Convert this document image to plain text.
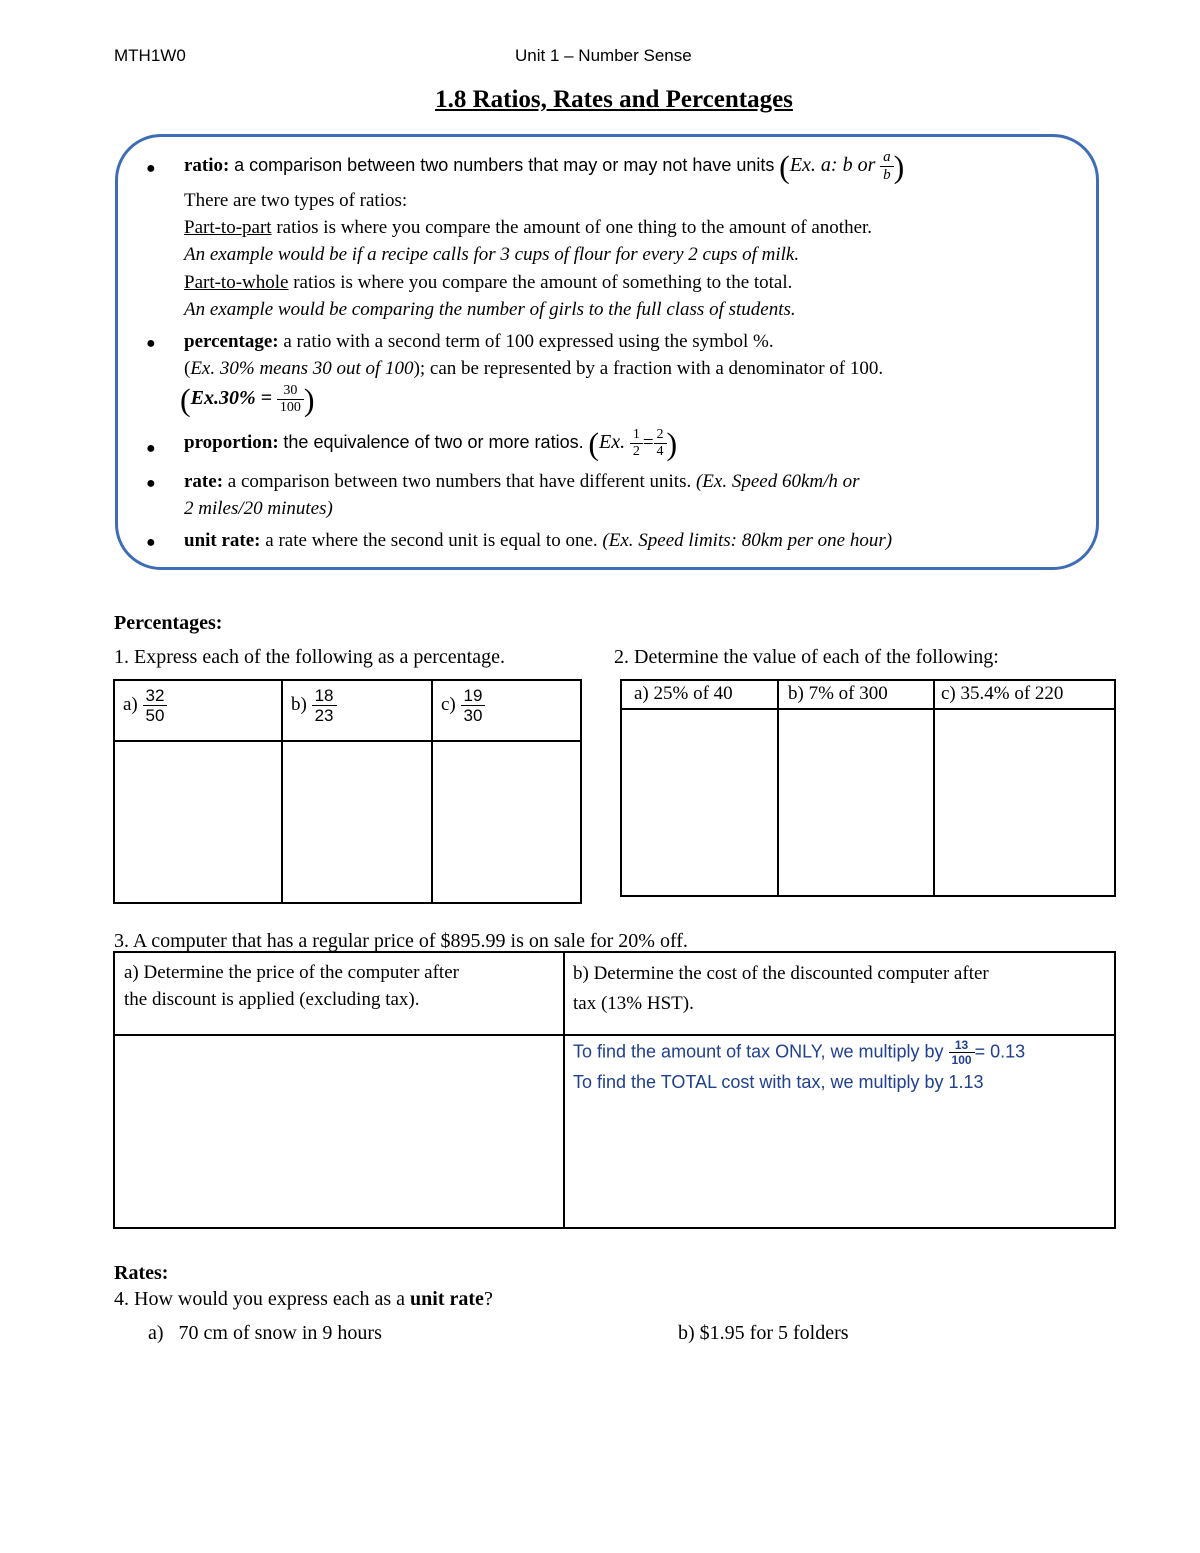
MTH1W0	Unit 1 – Number Sense
1.8 Ratios, Rates and Percentages
● ratio: a comparison between two numbers that may or may not have units (Ex. a: b or $\frac{a}{b}$ )
There are two types of ratios:
Part-to-part ratios is where you compare the amount of one thing to the amount of another.
An example would be if a recipe calls for 3 cups of flour for every 2 cups of milk.
Part-to-whole ratios is where you compare the amount of something to the total.
An example would be comparing the number of girls to the full class of students.
● percentage: a ratio with a second term of 100 expressed using the symbol %.
(Ex. 30% means 30 out of 100); can be represented by a fraction with a denominator of 100.
($Ex.30\% = \frac{30}{100}$ )
● proportion: the equivalence of two or more ratios. (Ex. $\frac{1}{2} = \frac{2}{4}$ )
● rate: a comparison between two numbers that have different units. (Ex. Speed 60km/h or
2 miles/20 minutes)
● unit rate: a rate where the second unit is equal to one. (Ex. Speed limits: 80km per one hour)
Percentages:
1. Express each of the following as a percentage.	2. Determine the value of each of the following:
$a) \frac{32}{50}$	$b) \frac{18}{23}$	$c) \frac{19}{30}$	a) 25% of 40	b) 7% of 300	c) 35.4% of 220
3. A computer that has a regular price of $895.99 is on sale for 20% off.
a) Determine the price of the computer after
the discount is applied (excluding tax).
b) Determine the cost of the discounted computer after
tax (13% HST).
To find the amount of tax ONLY, we multiply by $\frac{13}{100} = 0.13$
To find the TOTAL cost with tax, we multiply by 1.13
Rates:
4. How would you express each as a unit rate?
a) 70 cm of snow in 9 hours	b) $1.95 for 5 folders
